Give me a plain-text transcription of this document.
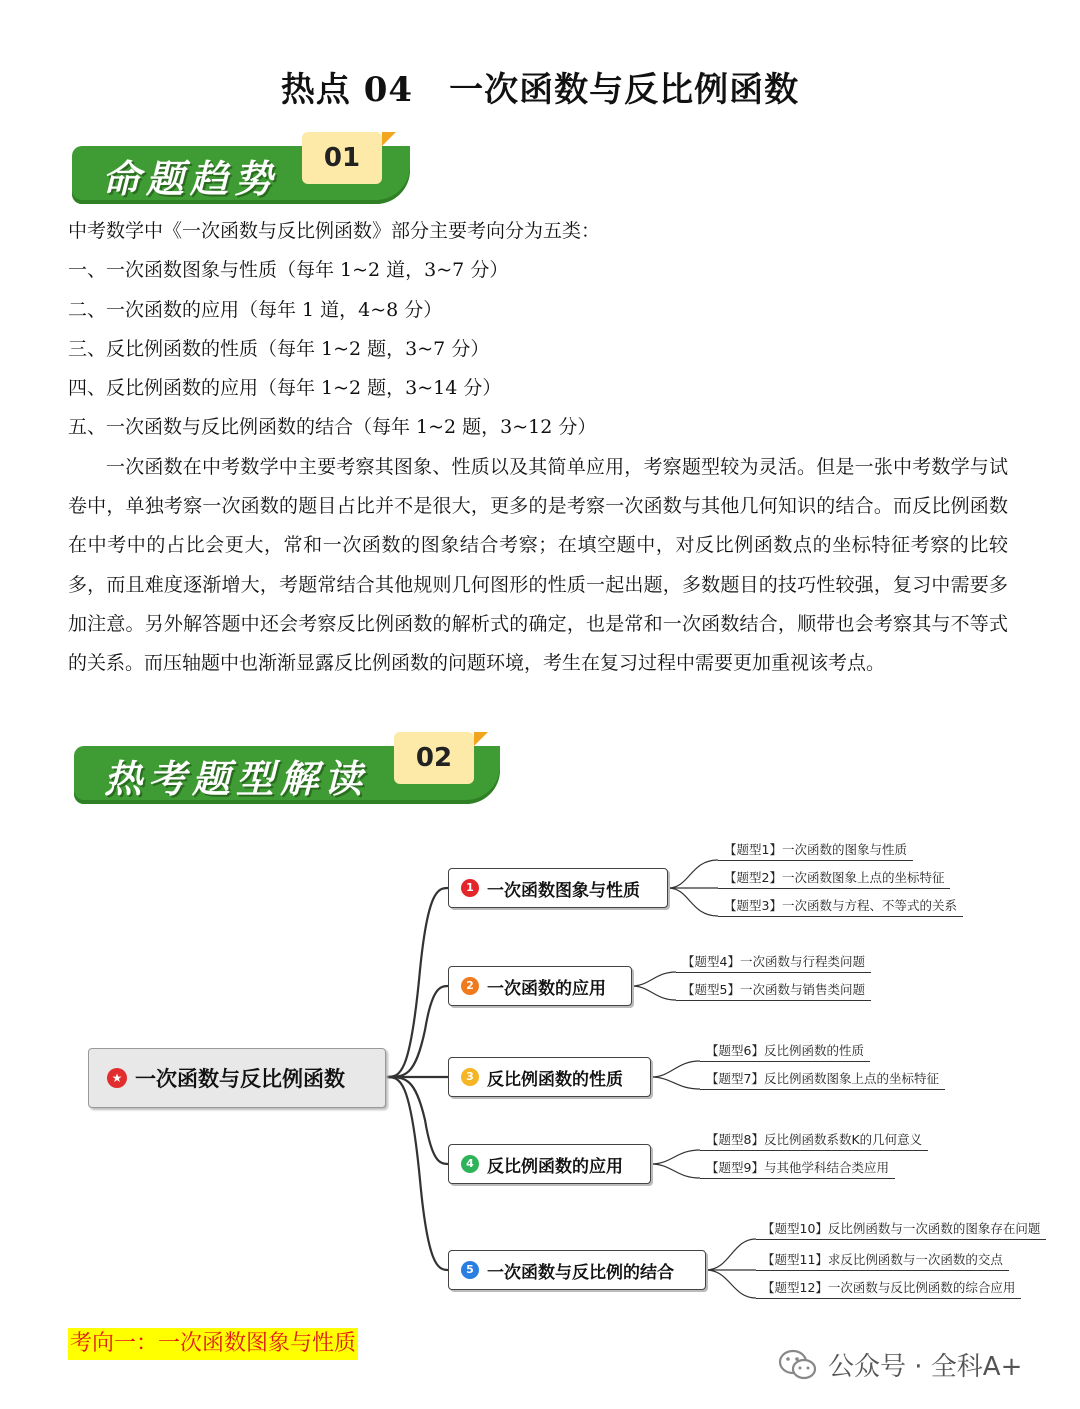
热点 04 一次函数与反比例函数
命题趋势	01

中考数学中《一次函数与反比例函数》部分主要考向分为五类：

一、一次函数图象与性质（每年 1~2 道，3~7 分）

二、一次函数的应用（每年 1 道，4~8 分）

三、反比例函数的性质（每年 1~2 题，3~7 分）

四、反比例函数的应用（每年 1~2 题，3~14 分）

五、一次函数与反比例函数的结合（每年 1~2 题，3~12 分）

一次函数在中考数学中主要考察其图象、性质以及其简单应用，考察题型较为灵活。但是一张中考数学与试卷中，单独考察一次函数的题目占比并不是很大，更多的是考察一次函数与其他几何知识的结合。而反比例函数在中考中的占比会更大，常和一次函数的图象结合考察；在填空题中，对反比例函数点的坐标特征考察的比较多，而且难度逐渐增大，考题常结合其他规则几何图形的性质一起出题，多数题目的技巧性较强，复习中需要多加注意。另外解答题中还会考察反比例函数的解析式的确定，也是常和一次函数结合，顺带也会考察其与不等式的关系。而压轴题中也渐渐显露反比例函数的问题环境，考生在复习过程中需要更加重视该考点。

热考题型解读	02
★ 一次函数与反比例函数
1 一次函数图象与性质
【题型1】一次函数的图象与性质
【题型2】一次函数图象上点的坐标特征
【题型3】一次函数与方程、不等式的关系
2 一次函数的应用
【题型4】一次函数与行程类问题
【题型5】一次函数与销售类问题
3 反比例函数的性质
【题型6】反比例函数的性质
【题型7】反比例函数图象上点的坐标特征
4 反比例函数的应用
【题型8】反比例函数系数K的几何意义
【题型9】与其他学科结合类应用
5 一次函数与反比例的结合
【题型10】反比例函数与一次函数的图象存在问题
【题型11】求反比例函数与一次函数的交点
【题型12】一次函数与反比例函数的综合应用
考向一：一次函数图象与性质
公众号 · 全科A+
